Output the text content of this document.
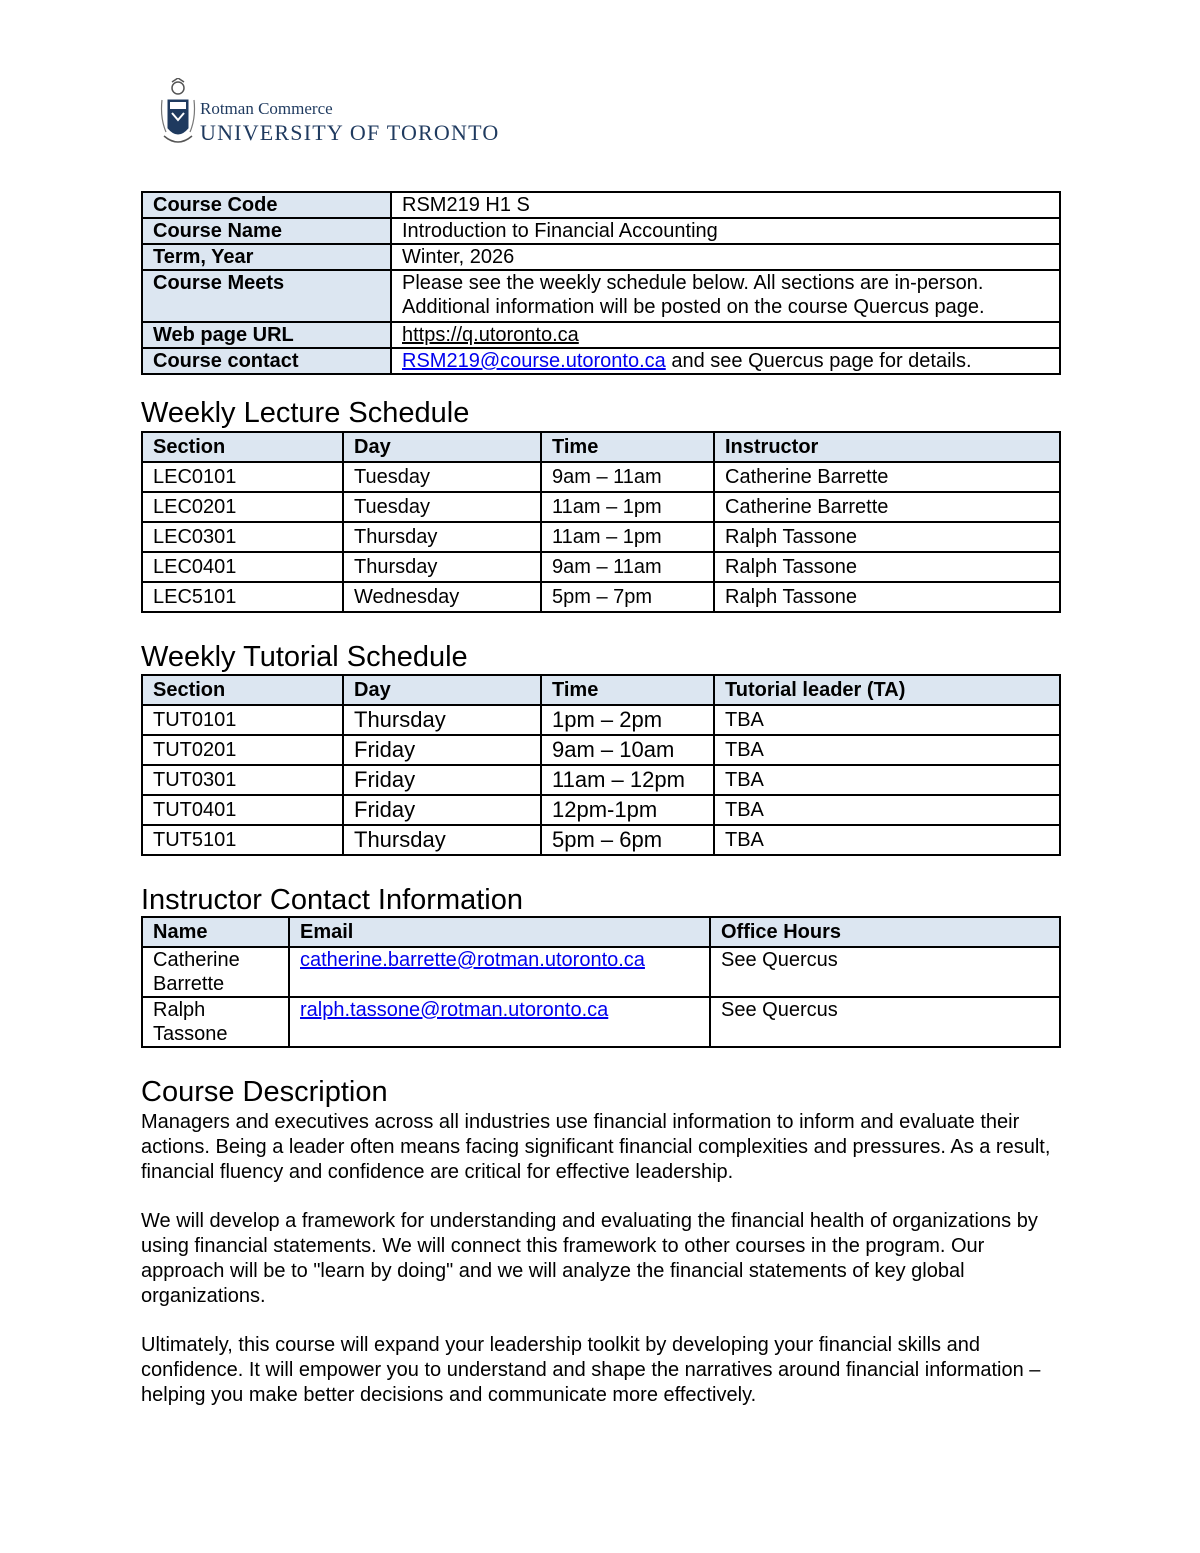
Rotman Commerce
UNIVERSITY OF TORONTO
Course Code	RSM219 H1 S
Course Name	Introduction to Financial Accounting
Term, Year	Winter, 2026
Course Meets	Please see the weekly schedule below. All sections are in-person. Additional information will be posted on the course Quercus page.
Web page URL	https://q.utoronto.ca
Course contact	RSM219@course.utoronto.ca and see Quercus page for details.
Weekly Lecture Schedule
Section	Day	Time	Instructor
LEC0101	Tuesday	9am – 11am	Catherine Barrette
LEC0201	Tuesday	11am – 1pm	Catherine Barrette
LEC0301	Thursday	11am – 1pm	Ralph Tassone
LEC0401	Thursday	9am – 11am	Ralph Tassone
LEC5101	Wednesday	5pm – 7pm	Ralph Tassone
Weekly Tutorial Schedule
Section	Day	Time	Tutorial leader (TA)
TUT0101	Thursday	1pm – 2pm	TBA
TUT0201	Friday	9am – 10am	TBA
TUT0301	Friday	11am – 12pm	TBA
TUT0401	Friday	12pm-1pm	TBA
TUT5101	Thursday	5pm – 6pm	TBA
Instructor Contact Information
Name	Email	Office Hours
Catherine Barrette	catherine.barrette@rotman.utoronto.ca	See Quercus
Ralph Tassone	ralph.tassone@rotman.utoronto.ca	See Quercus
Course Description

Managers and executives across all industries use financial information to inform and evaluate their actions. Being a leader often means facing significant financial complexities and pressures. As a result, financial fluency and confidence are critical for effective leadership.

We will develop a framework for understanding and evaluating the financial health of organizations by using financial statements. We will connect this framework to other courses in the program. Our approach will be to "learn by doing" and we will analyze the financial statements of key global organizations.

Ultimately, this course will expand your leadership toolkit by developing your financial skills and confidence. It will empower you to understand and shape the narratives around financial information – helping you make better decisions and communicate more effectively.
